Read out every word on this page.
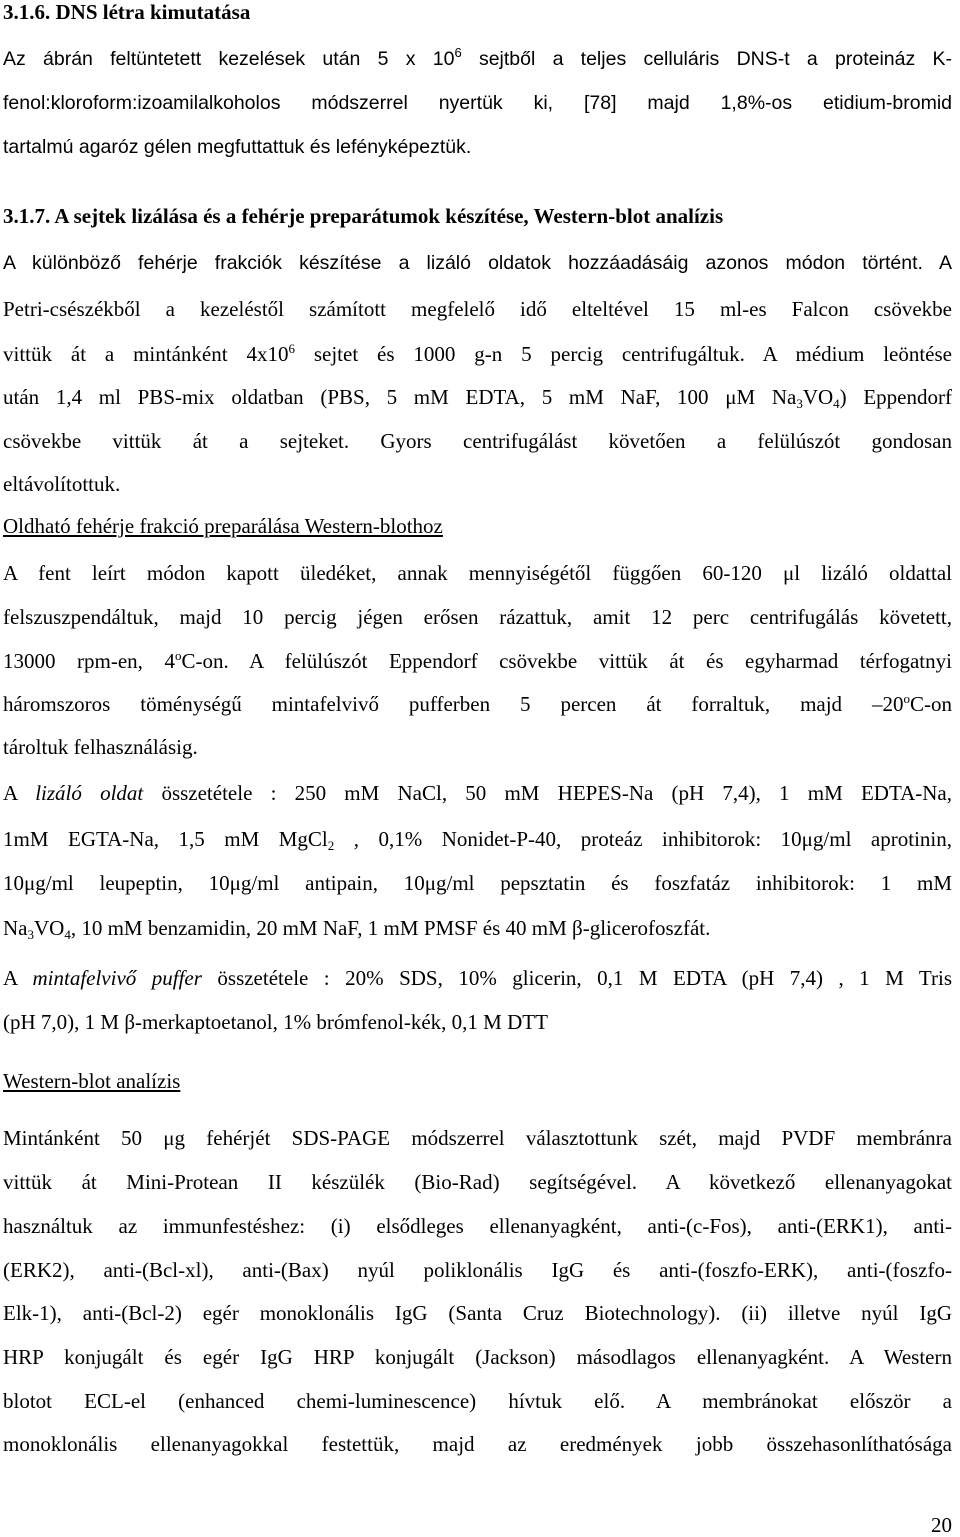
3.1.6. DNS létra kimutatása
Az ábrán feltüntetett kezelések után 5 x $10^6$ sejtből a teljes celluláris DNS-t a proteináz K-
fenol:kloroform:izoamilalkoholos módszerrel nyertük ki, [78] majd 1,8%-os etidium-bromid
tartalmú agaróz gélen megfuttattuk és lefényképeztük.
3.1.7. A sejtek lizálása és a fehérje preparátumok készítése, Western-blot analízis
A különböző fehérje frakciók készítése a lizáló oldatok hozzáadásáig azonos módon történt. A
Petri-csészékből a kezeléstől számított megfelelő idő elteltével 15 ml-es Falcon csövekbe
vittük át a mintánként $4x10^6$ sejtet és 1000 g-n 5 percig centrifugáltuk. A médium leöntése
után 1,4 ml PBS-mix oldatban (PBS, 5 mM EDTA, 5 mM NaF, 100 μM $Na_3VO_4$) Eppendorf
csövekbe vittük át a sejteket. Gyors centrifugálást követően a felülúszót gondosan
eltávolítottuk.
Oldható fehérje frakció preparálása Western-blothoz
A fent leírt módon kapott üledéket, annak mennyiségétől függően 60-120 μl lizáló oldattal
felszuszpendáltuk, majd 10 percig jégen erősen rázattuk, amit 12 perc centrifugálás követett,
13000 rpm-en, 4$^o$C-on. A felülúszót Eppendorf csövekbe vittük át és egyharmad térfogatnyi
háromszoros töménységű mintafelvivő pufferben 5 percen át forraltuk, majd –20$^o$C-on
tároltuk felhasználásig.
A lizáló oldat összetétele : 250 mM NaCl, 50 mM HEPES-Na (pH 7,4), 1 mM EDTA-Na,
1mM EGTA-Na, 1,5 mM MgCl$_2$ , 0,1% Nonidet-P-40, proteáz inhibitorok: 10μg/ml aprotinin,
10μg/ml leupeptin, 10μg/ml antipain, 10μg/ml pepsztatin és foszfatáz inhibitorok: 1 mM
$Na_3VO_4$, 10 mM benzamidin, 20 mM NaF, 1 mM PMSF és 40 mM β-glicerofoszfát.
A mintafelvivő puffer összetétele : 20% SDS, 10% glicerin, 0,1 M EDTA (pH 7,4) , 1 M Tris
(pH 7,0), 1 M β-merkaptoetanol, 1% brómfenol-kék, 0,1 M DTT
Western-blot analízis
Mintánként 50 μg fehérjét SDS-PAGE módszerrel választottunk szét, majd PVDF membránra
vittük át Mini-Protean II készülék (Bio-Rad) segítségével. A következő ellenanyagokat
használtuk az immunfestéshez: (i) elsődleges ellenanyagként, anti-(c-Fos), anti-(ERK1), anti-
(ERK2), anti-(Bcl-xl), anti-(Bax) nyúl poliklonális IgG és anti-(foszfo-ERK), anti-(foszfo-
Elk-1), anti-(Bcl-2) egér monoklonális IgG (Santa Cruz Biotechnology). (ii) illetve nyúl IgG
HRP konjugált és egér IgG HRP konjugált (Jackson) másodlagos ellenanyagként. A Western
blotot ECL-el (enhanced chemi-luminescence) hívtuk elő. A membránokat először a
monoklonális ellenanyagokkal festettük, majd az eredmények jobb összehasonlíthatósága
20
